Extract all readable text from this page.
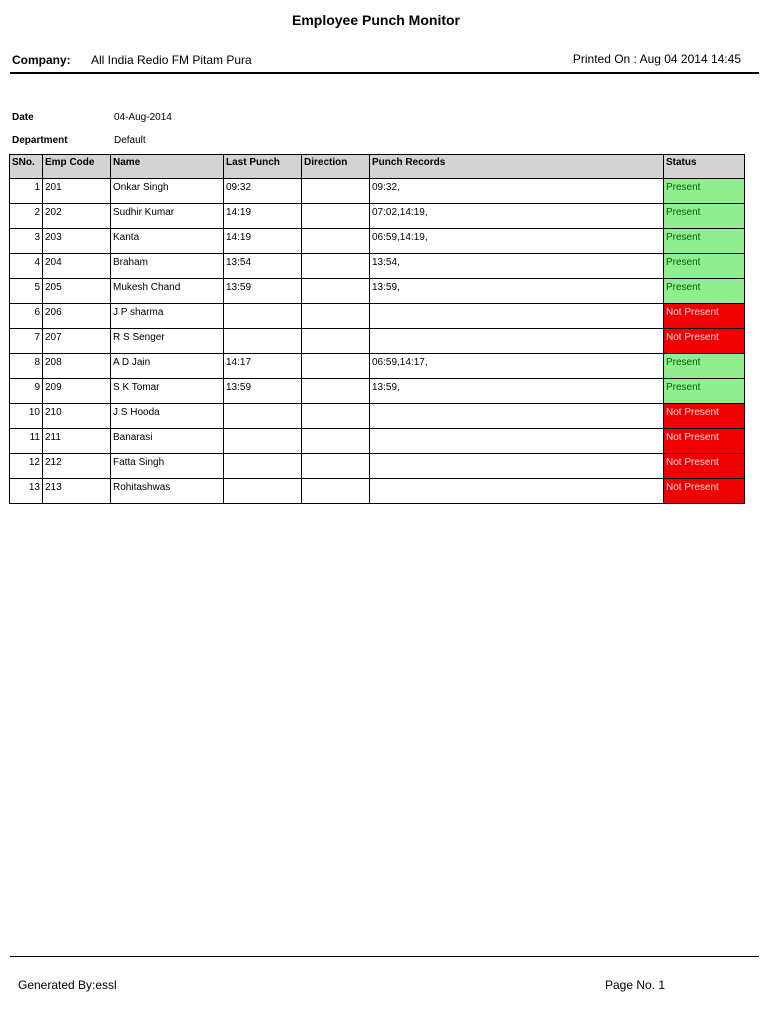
Employee Punch Monitor
Company: All India Redio FM Pitam Pura	Printed On : Aug 04 2014 14:45
Date	04-Aug-2014
Department	Default
SNo.	Emp Code	Name	Last Punch	Direction	Punch Records	Status
1	201	Onkar Singh	09:32		09:32,	Present
2	202	Sudhir Kumar	14:19		07:02,14:19,	Present
3	203	Kanta	14:19		06:59,14:19,	Present
4	204	Braham	13:54		13:54,	Present
5	205	Mukesh Chand	13:59		13:59,	Present
6	206	J P sharma				Not Present
7	207	R S Senger				Not Present
8	208	A D Jain	14:17		06:59,14:17,	Present
9	209	S K Tomar	13:59		13:59,	Present
10	210	J S Hooda				Not Present
11	211	Banarasi				Not Present
12	212	Fatta Singh				Not Present
13	213	Rohitashwas				Not Present
Generated By:essl	Page No. 1
